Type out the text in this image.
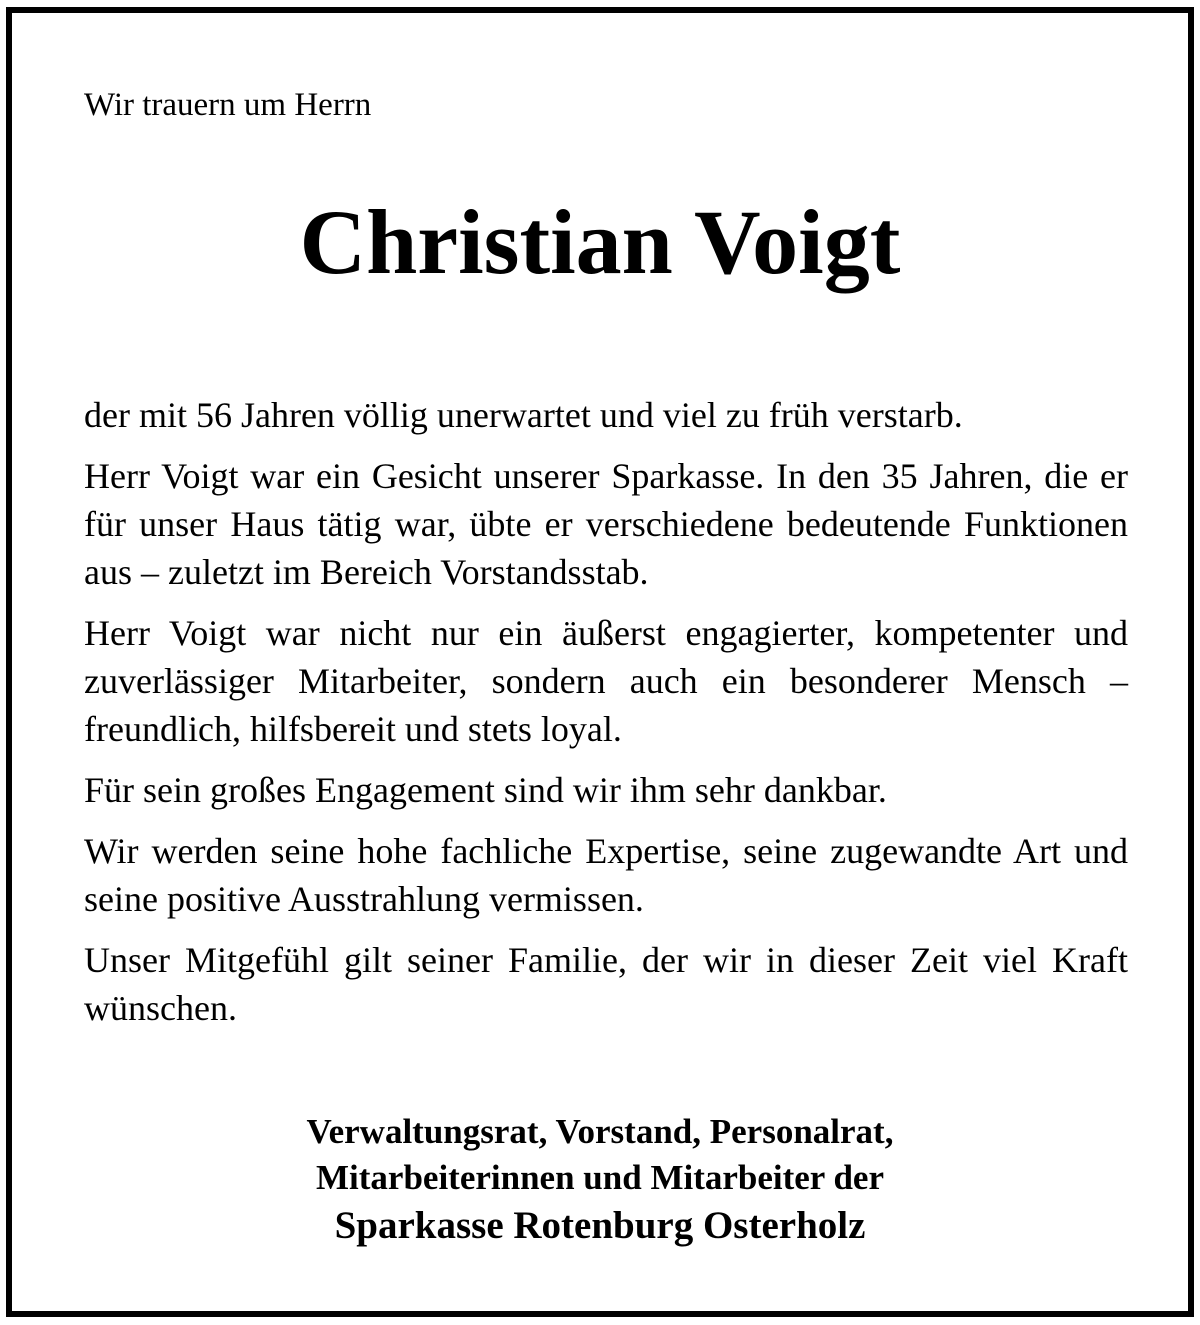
Wir trauern um Herrn
Christian Voigt

der mit 56 Jahren völlig unerwartet und viel zu früh verstarb.

Herr Voigt war ein Gesicht unserer Sparkasse. In den 35 Jahren, die er für unser Haus tätig war, übte er verschiedene bedeutende Funktionen aus – zuletzt im Bereich Vorstandsstab.

Herr Voigt war nicht nur ein äußerst engagierter, kompetenter und zuverlässiger Mitarbeiter, sondern auch ein besonderer Mensch – freundlich, hilfsbereit und stets loyal.

Für sein großes Engagement sind wir ihm sehr dankbar.

Wir werden seine hohe fachliche Expertise, seine zugewandte Art und seine positive Ausstrahlung vermissen.

Unser Mitgefühl gilt seiner Familie, der wir in dieser Zeit viel Kraft wünschen.

Verwaltungsrat, Vorstand, Personalrat,
Mitarbeiterinnen und Mitarbeiter der
Sparkasse Rotenburg Osterholz
